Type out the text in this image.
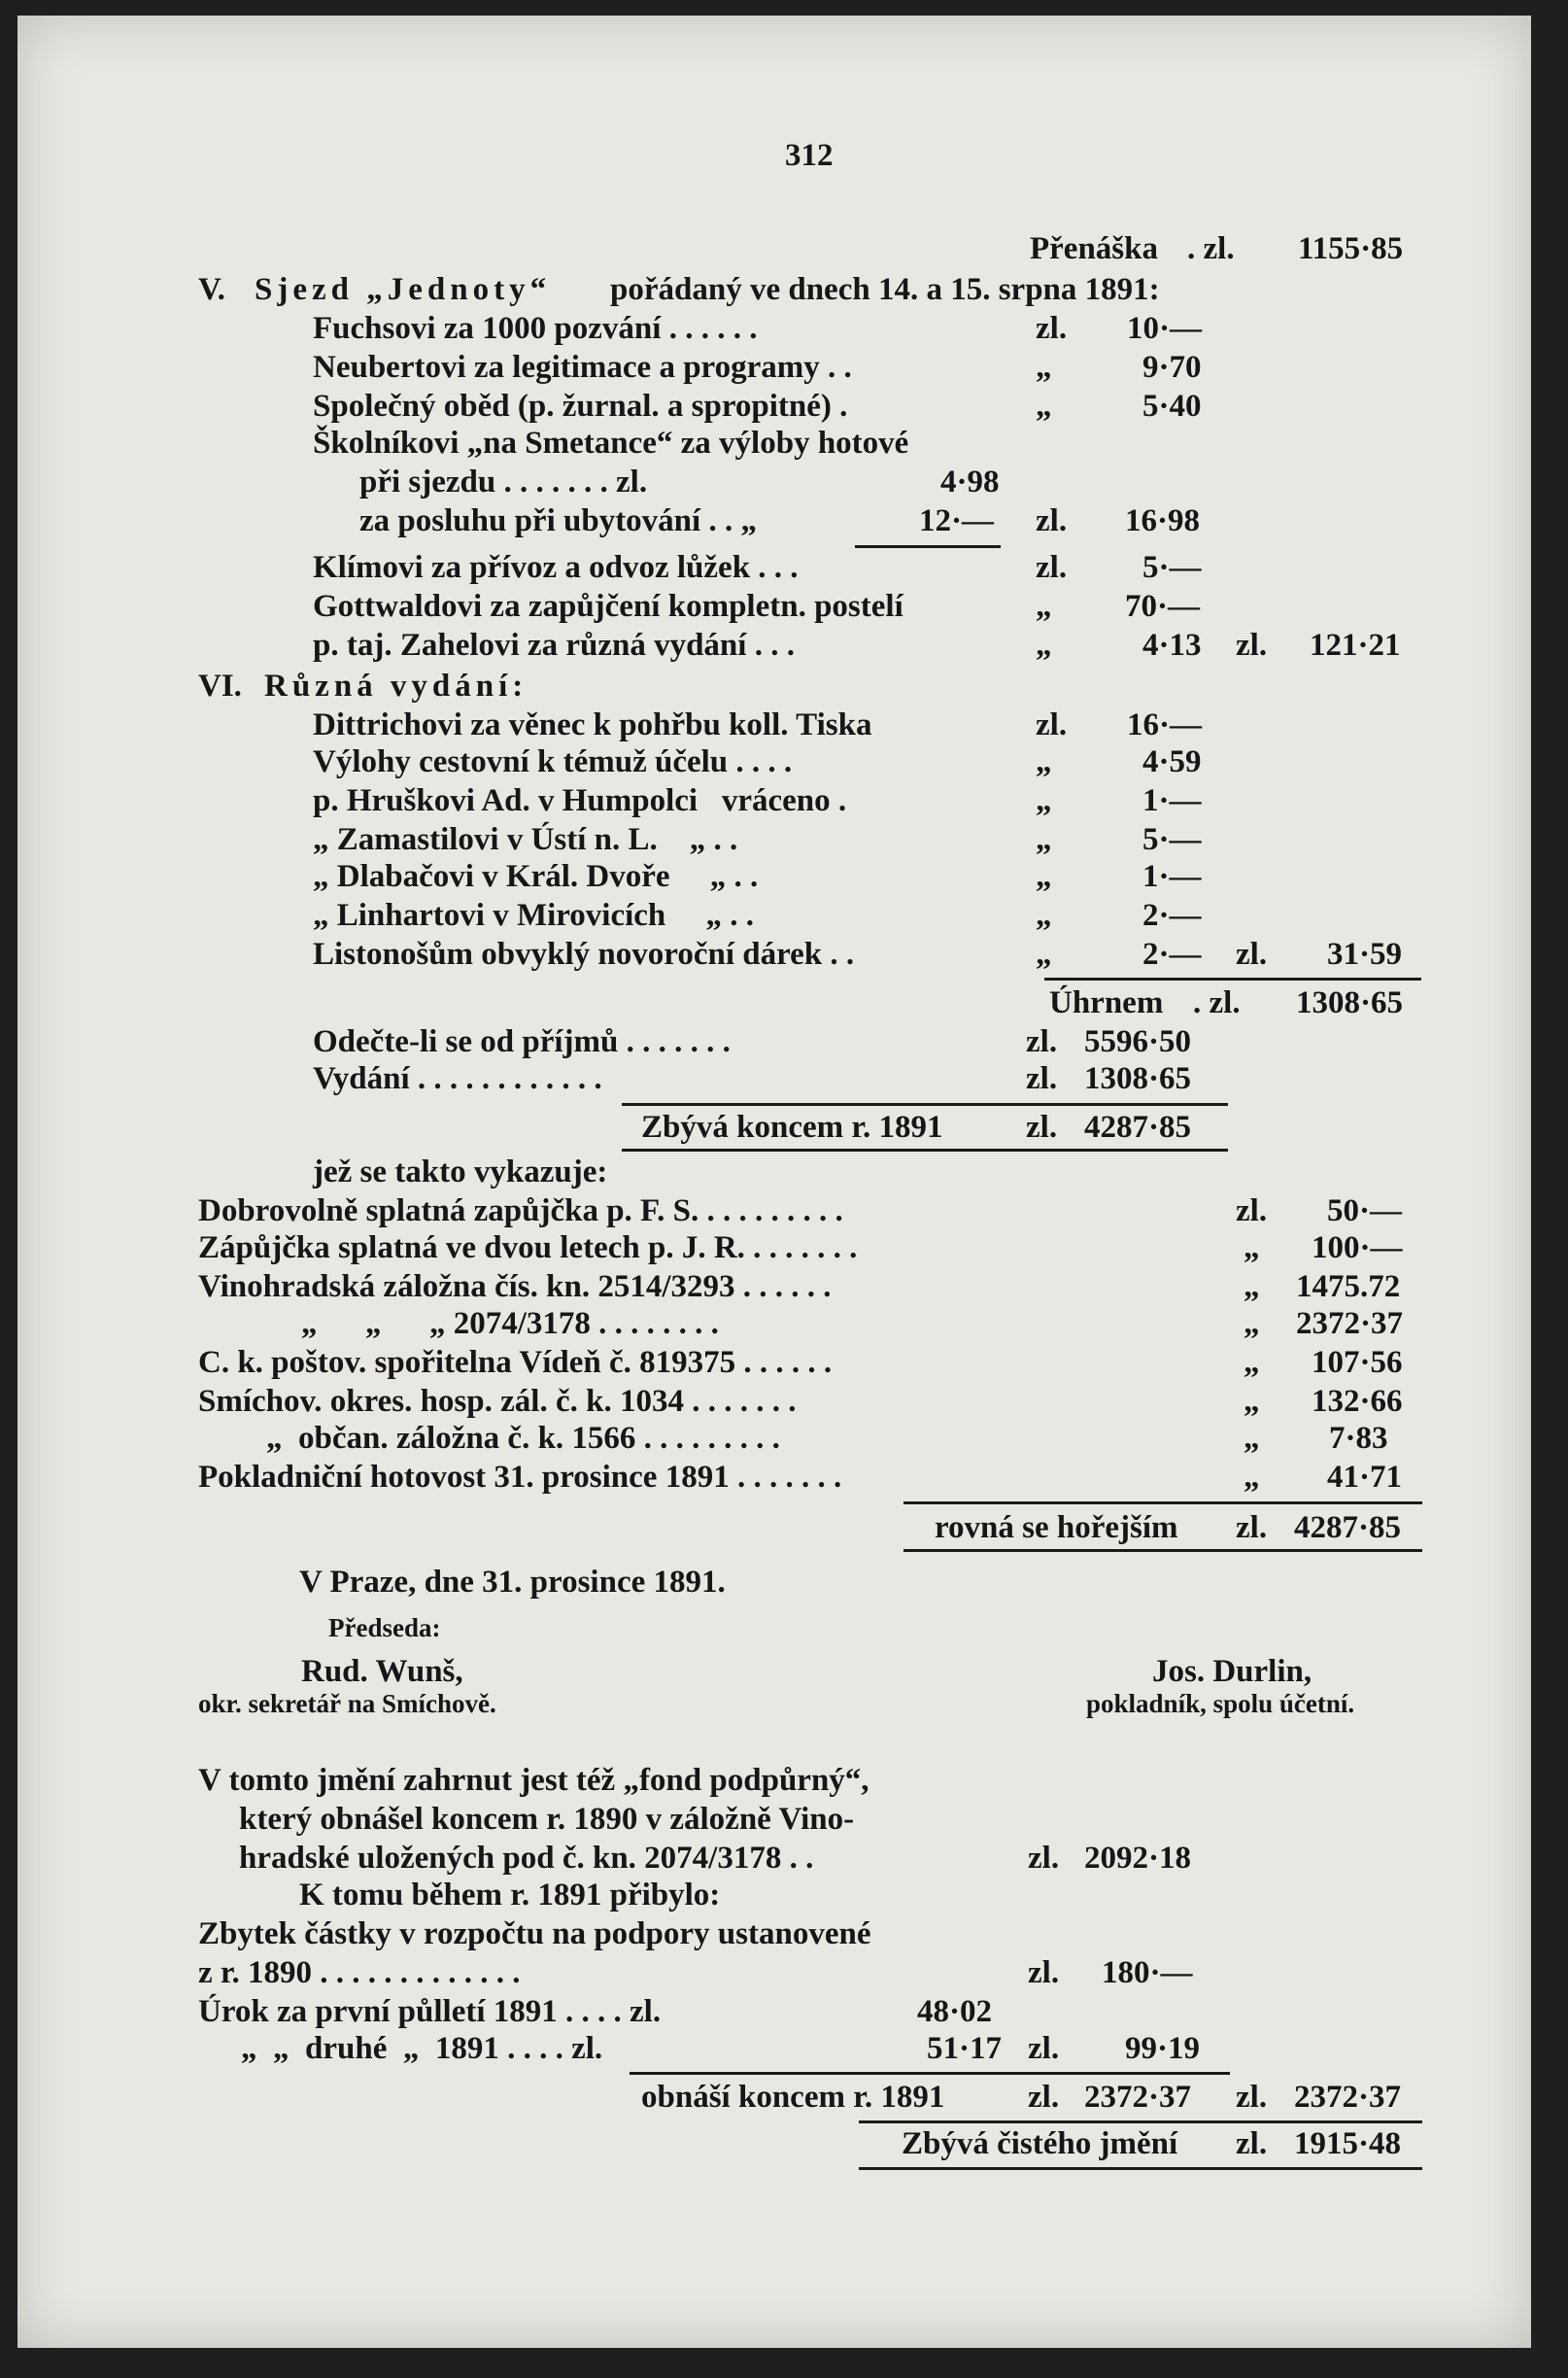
312
Přenáška . zl. 1155·85
V. Sjezd „Jednoty“ pořádaný ve dnech 14. a 15. srpna 1891:
Fuchsovi za 1000 pozvání . . . . . .	zl. 10·—
Neubertovi za legitimace a programy . .	„	9·70
Společný oběd (p. žurnal. a spropitné) .	„	5·40
Školníkovi „na Smetance“ za výloby hotové
při sjezdu . . . . . . . zl.	4·98
za posluhu při ubytování . . „	12·— zl. 16·98
Klímovi za přívoz a odvoz lůžek . . .	zl. 5·—
Gottwaldovi za zapůjčení kompletn. postelí	„ 70·—
p. taj. Zahelovi za různá vydání . . .	„	4·13 zl. 121·21
VI. Různá vydání:
Dittrichovi za věnec k pohřbu koll. Tiska	zl. 16·—
Výlohy cestovní k témuž účelu . . . .	„	4·59
p. Hruškovi Ad. v Humpolci   vráceno .	„	1·—
„ Zamastilovi v Ústí n. L.    „ . .	„	5·—
„ Dlabačovi v Král. Dvoře     „ . .	„	1·—
„ Linhartovi v Mirovicích     „ . .	„	2·—
Listonošům obvyklý novoroční dárek . .	„	2·— zl. 31·59
Úhrnem . zl. 1308·65
Odečte-li se od příjmů . . . . . . .	zl. 5596·50
Vydání . . . . . . . . . . . .	zl. 1308·65
Zbývá koncem r. 1891	zl. 4287·85
jež se takto vykazuje:
Dobrovolně splatná zapůjčka p. F. S. . . . . . . . . .	zl. 50·—
Zápůjčka splatná ve dvou letech p. J. R. . . . . . . .	„ 100·—
Vinohradská záložna čís. kn. 2514/3293 . . . . . .	„ 1475.72
„      „      „ 2074/3178 . . . . . . . .	„ 2372·37
C. k. poštov. spořitelna Vídeň č. 819375 . . . . . .	„ 107·56
Smíchov. okres. hosp. zál. č. k. 1034 . . . . . . .	„ 132·66
„  občan. záložna č. k. 1566 . . . . . . . . .	„ 7·83
Pokladniční hotovost 31. prosince 1891 . . . . . . .	„ 41·71
rovná se hořejším zl. 4287·85
V Praze, dne 31. prosince 1891.
Předseda:
Rud. Wunš,
okr. sekretář na Smíchově.
Jos. Durlin,
pokladník, spolu účetní.
V tomto jmění zahrnut jest též „fond podpůrný“,
který obnášel koncem r. 1890 v záložně Vino-
hradské uložených pod č. kn. 2074/3178 . .	zl. 2092·18
K tomu během r. 1891 přibylo:
Zbytek částky v rozpočtu na podpory ustanovené
z r. 1890 . . . . . . . . . . . . .	zl. 180·—
Úrok za první půlletí 1891 . . . . zl.	48·02
„  „  druhé  „  1891 . . . . zl.	51·17 zl. 99·19
obnáší koncem r. 1891	zl. 2372·37 zl. 2372·37
Zbývá čistého jmění zl. 1915·48
